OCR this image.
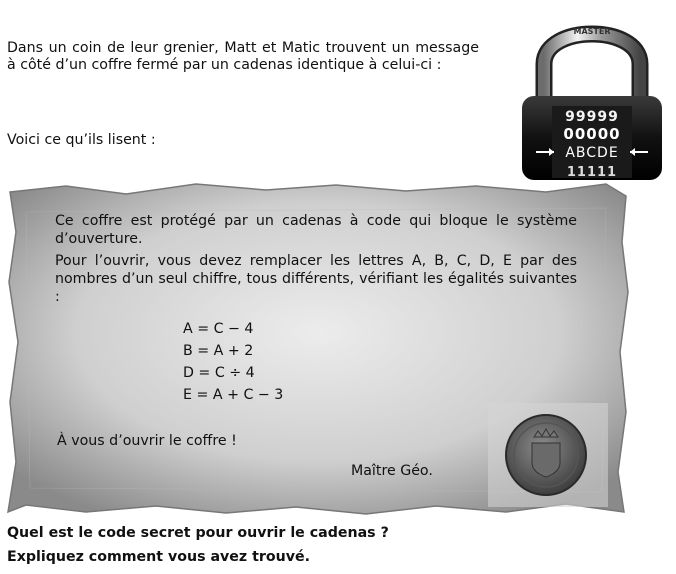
Dans un coin de leur grenier, Matt et Matic trouvent un message à côté d’un coffre fermé par un cadenas identique à celui-ci :
Voici ce qu’ils lisent :
MASTER
99999
00000
ABCDE
11111

Ce coffre est protégé par un cadenas à code qui bloque le système d’ouverture.

Pour l’ouvrir, vous devez remplacer les lettres A, B, C, D, E par des nombres d’un seul chiffre, tous différents, vérifiant les égalités suivantes :

A = C − 4
B = A + 2
D = C ÷ 4
E = A + C − 3
À vous d’ouvrir le coffre !
Maître Géo.
Quel est le code secret pour ouvrir le cadenas ?
Expliquez comment vous avez trouvé.
